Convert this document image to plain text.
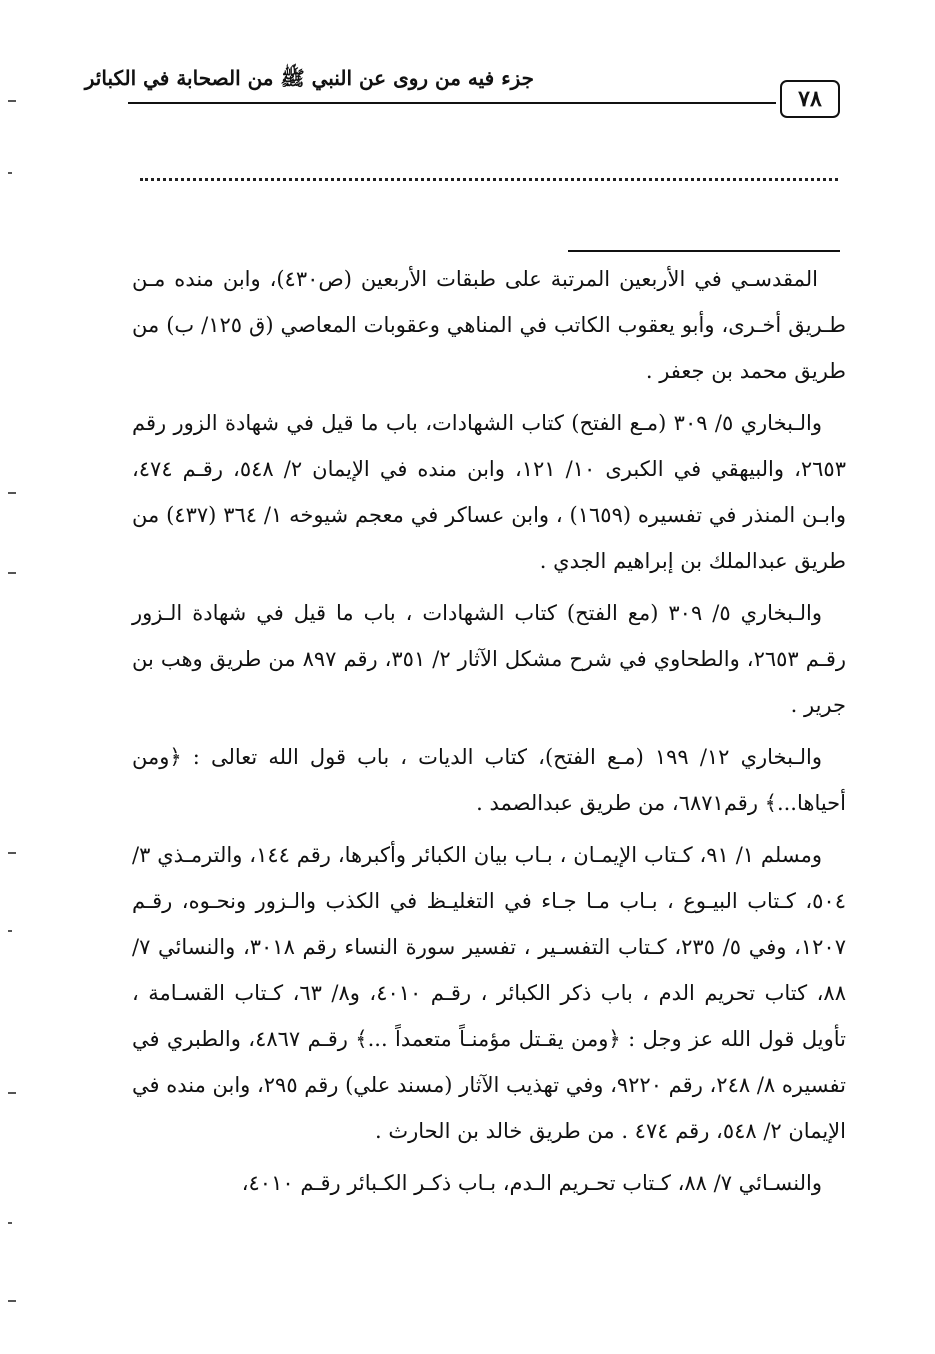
جزء فيه من روى عن النبي ﷺ من الصحابة في الكبائر
٧٨

المقدسـي في الأربعين المرتبة على طبقات الأربعين (ص٤٣٠)، وابن منده مـن طـريق أخـرى، وأبو يعقوب الكاتب في المناهي وعقوبات المعاصي (ق ١٢٥/ ب) من طريق محمد بن جعفر .

والـبخاري ٥/ ٣٠٩ (مـع الفتح) كتاب الشهادات، باب ما قيل في شهادة الزور رقم ٢٦٥٣، والبيهقي في الكبرى ١٠/ ١٢١، وابن منده في الإيمان ٢/ ٥٤٨، رقـم ٤٧٤، وابـن المنذر في تفسيره (١٦٥٩) ، وابن عساكر في معجم شيوخه ١/ ٣٦٤ (٤٣٧) من طريق عبدالملك بن إبراهيم الجدي .

والـبخاري ٥/ ٣٠٩ (مع الفتح) كتاب الشهادات ، باب ما قيل في شهادة الـزور رقـم ٢٦٥٣، والطحاوي في شرح مشكل الآثار ٢/ ٣٥١، رقم ٨٩٧ من طريق وهب بن جرير .

والـبخاري ١٢/ ١٩٩ (مـع الفتح)، كتاب الديات ، باب قول الله تعالى : ﴿ومن أحياها...﴾ رقم٦٨٧١، من طريق عبدالصمد .

ومسلم ١/ ٩١، كـتاب الإيمـان ، بـاب بيان الكبائر وأكبرها، رقم ١٤٤، والترمـذي ٣/ ٥٠٤، كـتاب البيـوع ، بـاب مـا جـاء في التغليـظ في الكذب والـزور ونحـوه، رقـم ١٢٠٧، وفي ٥/ ٢٣٥، كـتاب التفسـير ، تفسير سورة النساء رقم ٣٠١٨، والنسائي ٧/ ٨٨، كتاب تحريم الدم ، باب ذكر الكبائر ، رقـم ٤٠١٠، و٨/ ٦٣، كـتاب القسـامة ، تأويل قول الله عز وجل : ﴿ومن يقـتل مؤمنـاً متعمداً ...﴾ رقـم ٤٨٦٧، والطبري في تفسيره ٨/ ٢٤٨، رقم ٩٢٢٠، وفي تهذيب الآثار (مسند علي) رقم ٢٩٥، وابن منده في الإيمان ٢/ ٥٤٨، رقم ٤٧٤ . من طريق خالد بن الحارث .

والنسـائي ٧/ ٨٨، كـتاب تحـريم الـدم، بـاب ذكـر الكـبائر رقـم ٤٠١٠،
